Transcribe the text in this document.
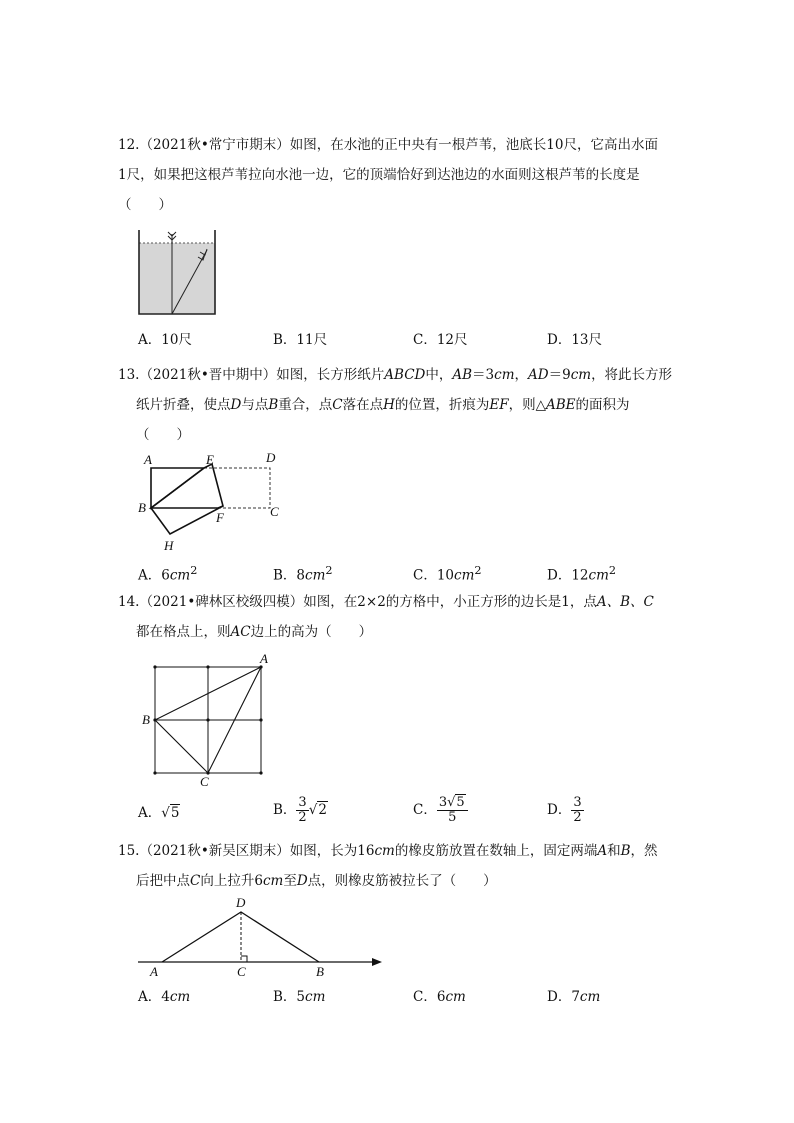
12.（2021秋•常宁市期末）如图，在水池的正中央有一根芦苇，池底长10尺，它高出水面
1尺，如果把这根芦苇拉向水池一边，它的顶端恰好到达池边的水面则这根芦苇的长度是
（　　）
A．10尺	B．11尺	C．12尺	D．13尺
13.（2021秋•晋中期中）如图，长方形纸片ABCD中，AB＝3cm，AD＝9cm，将此长方形
纸片折叠，使点D与点B重合，点C落在点H的位置，折痕为EF，则△ABE的面积为
（　　）
A	E	D
B
F	C
H
A．$6cm^2$	B．$8cm^2$	C．$10cm^2$	D．$12cm^2$
14.（2021•碑林区校级四模）如图，在2×2的方格中，小正方形的边长是1，点A、B、C
都在格点上，则AC边上的高为（　　）
A
B
C
A．√5	B． $\frac{3}{2} √2$	C． $\frac{3√5}{5}$	D． $\frac{3}{2}$
15.（2021秋•新吴区期末）如图，长为16cm的橡皮筋放置在数轴上，固定两端A和B，然
后把中点C向上拉升6cm至D点，则橡皮筋被拉长了（　　）
D
A	C	B
A．4cm	B．5cm	C．6cm	D．7cm
